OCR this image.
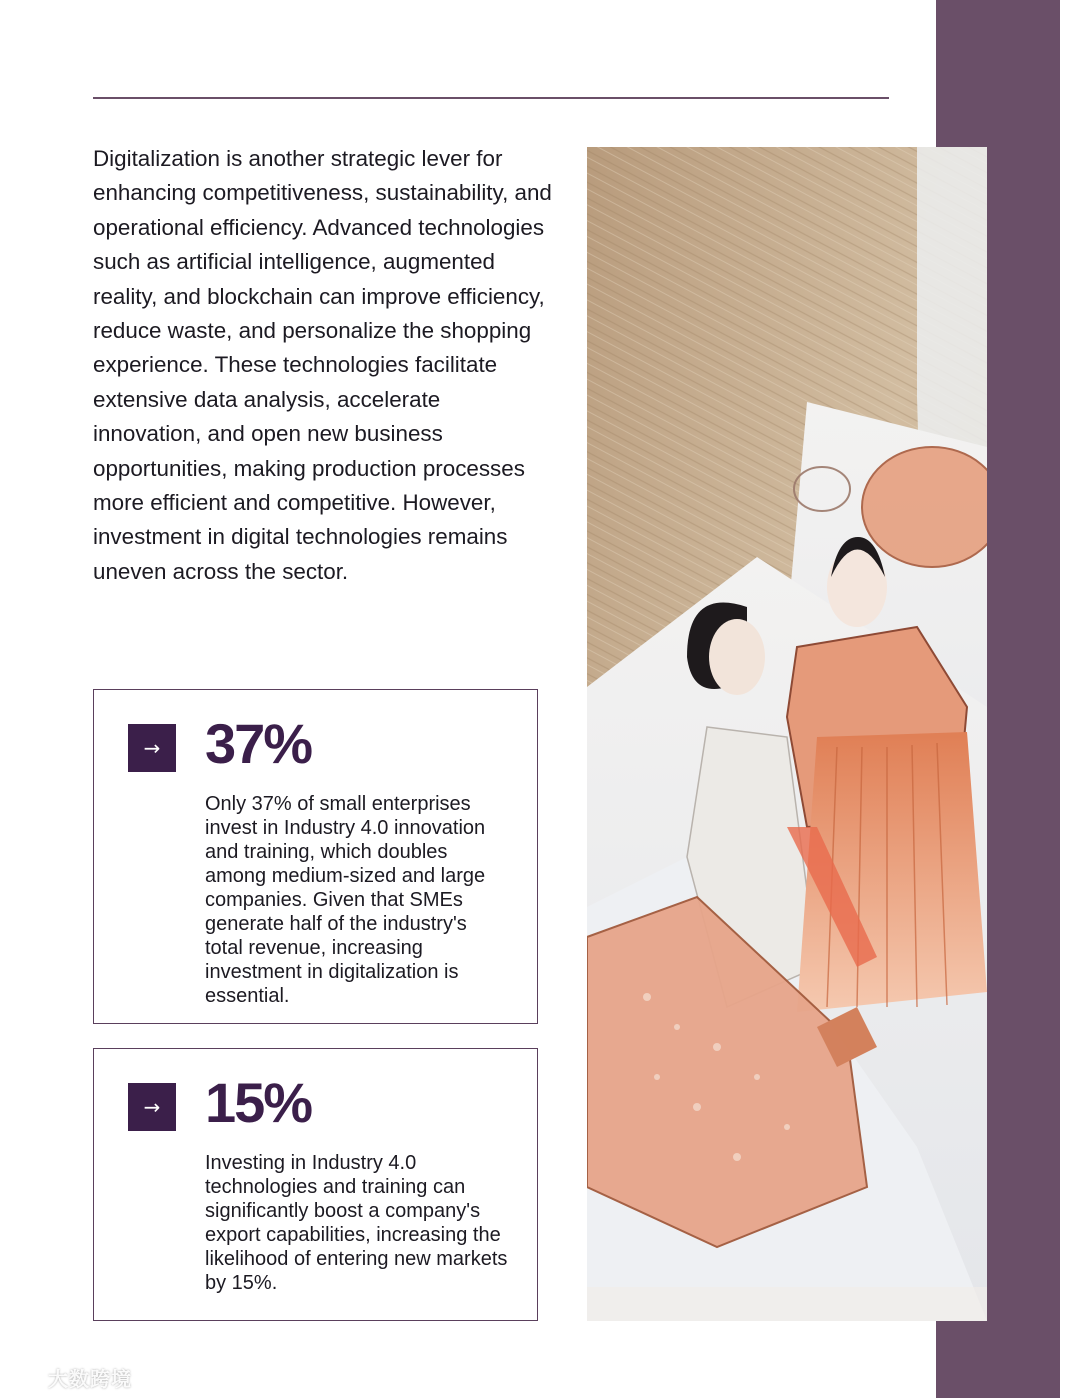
Digitalization is another strategic lever for enhancing competitiveness, sustainability, and operational efficiency. Advanced technologies such as artificial intelligence, augmented reality, and blockchain can improve efficiency, reduce waste, and personalize the shopping experience. These technologies facilitate extensive data analysis, accelerate innovation, and open new business opportunities, making production processes more efficient and competitive. However, investment in digital technologies remains uneven across the sector.

→ 37%

Only 37% of small enterprises invest in Industry 4.0 innovation and training, which doubles among medium-sized and large companies. Given that SMEs generate half of the industry's total revenue, increasing investment in digitalization is essential.

→ 15%

Investing in Industry 4.0 technologies and training can significantly boost a company's export capabilities, increasing the likelihood of entering new markets by 15%.

大数跨境
